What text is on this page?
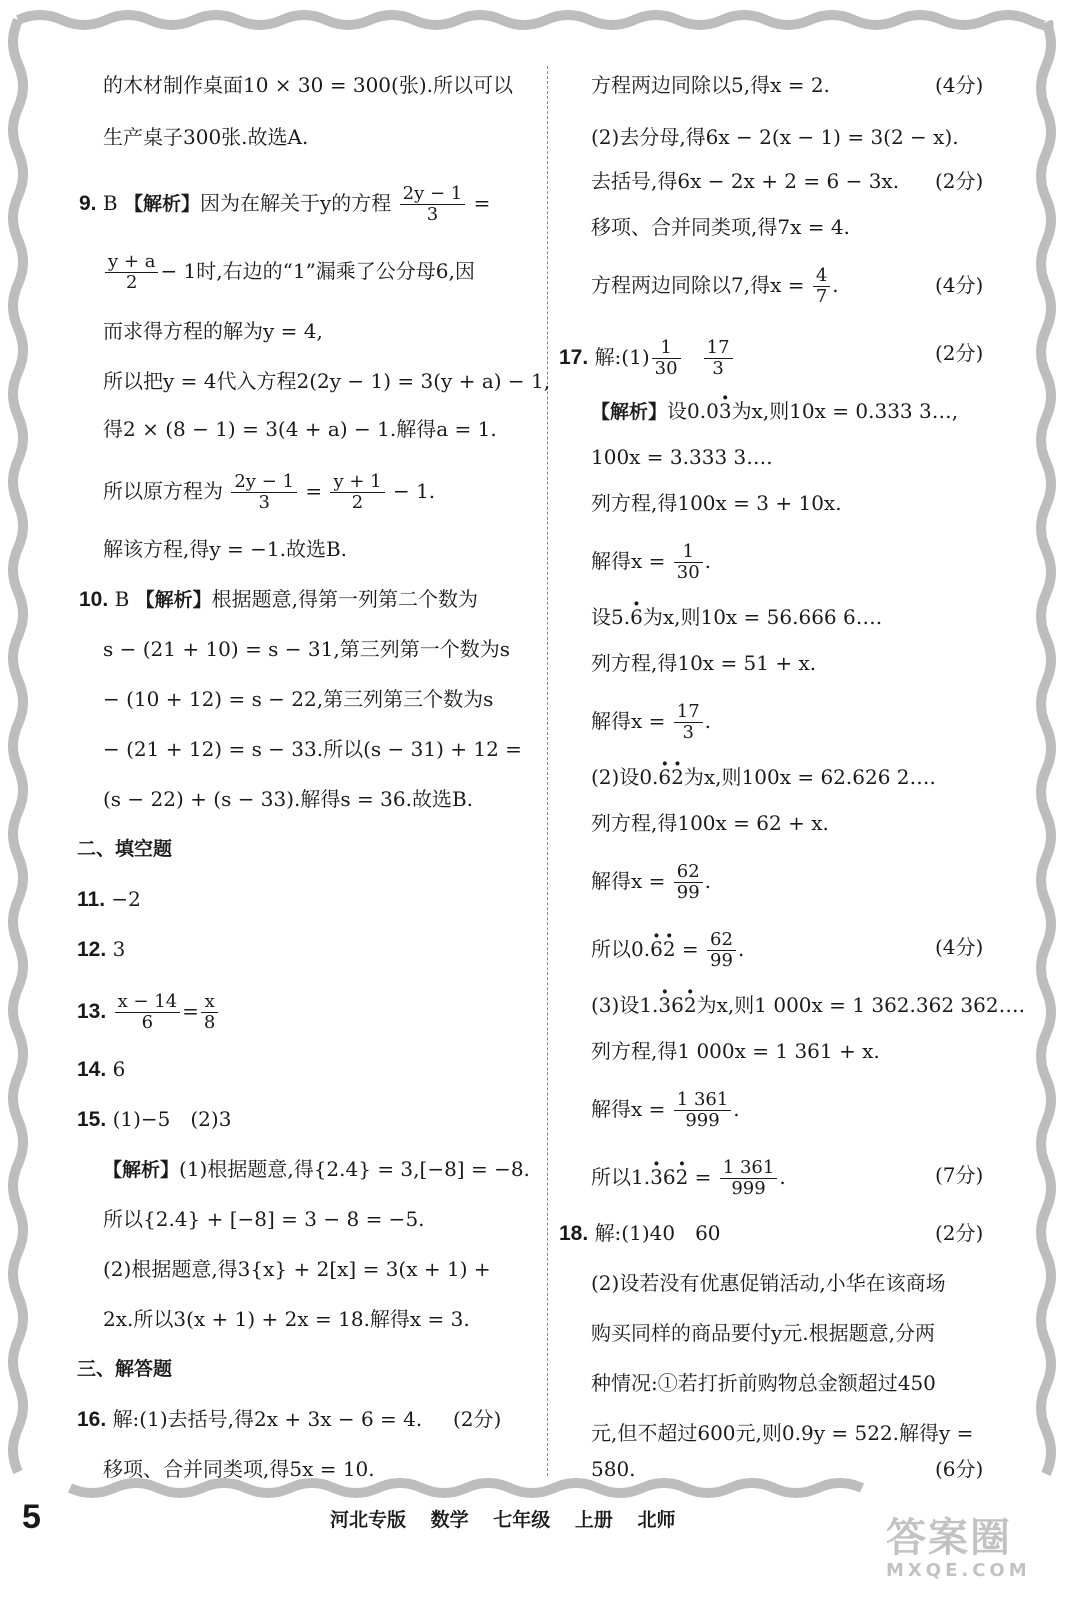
的木材制作桌面10 × 30 = 300(张).所以可以
生产桌子300张.故选A.
9. B 【解析】因为在解关于y的方程 $\frac{2y - 1}{3}$ =
$\frac{y + a}{2} - 1$时,右边的“1”漏乘了公分母6,因
而求得方程的解为y = 4,
所以把y = 4代入方程2(2y − 1) = 3(y + a) − 1,
得2 × (8 − 1) = 3(4 + a) − 1.解得a = 1.
所以原方程为 $\frac{2y - 1}{3} = \frac{y + 1}{2} - 1$.
解该方程,得y = −1.故选B.
10. B 【解析】根据题意,得第一列第二个数为
s − (21 + 10) = s − 31,第三列第一个数为s
− (10 + 12) = s − 22,第三列第三个数为s
− (21 + 12) = s − 33.所以(s − 31) + 12 =
(s − 22) + (s − 33).解得s = 36.故选B.
二、填空题
11. −2
12. 3
13. $\frac{x - 14}{6} = \frac{x}{8}$
14. 6
15. (1)−5　(2)3
【解析】(1)根据题意,得{2.4} = 3,[−8] = −8.
所以{2.4} + [−8] = 3 − 8 = −5.
(2)根据题意,得3{x} + 2[x] = 3(x + 1) +
2x.所以3(x + 1) + 2x = 18.解得x = 3.
三、解答题
16. 解:(1)去括号,得2x + 3x − 6 = 4. (2分)
移项、合并同类项,得5x = 10.
方程两边同除以5,得x = 2.	(4分)
(2)去分母,得6x − 2(x − 1) = 3(2 − x).
去括号,得6x − 2x + 2 = 6 − 3x. (2分)
移项、合并同类项,得7x = 4.
方程两边同除以7,得$x = \frac{4}{7}$ .	(4分)
17. 解:(1) $\frac{1}{30}$
$\frac{17}{3}$	(2分)
【解析】设0.0· 3为x,则10x = 0.333 3…,
100x = 3.333 3….
列方程,得100x = 3 + 10x.
解得$x = \frac{1}{30}$ .
设5.· 6为x,则10x = 56.666 6….
列方程,得10x = 51 + x.
解得$x = \frac{17}{3}$ .
(2)设0.· 6· 2为x,则100x = 62.626 2….
列方程,得100x = 62 + x.
解得$x = \frac{62}{99}$ .
所以$0.\cdot 6\cdot 2 = \frac{62}{99}$ .	(4分)
(3)设1.· 36· 2为x,则1 000x = 1 362.362 362….
列方程,得1 000x = 1 361 + x.
解得$x = \frac{1 361}{999}$ .
所以$1.\cdot 36\cdot 2 = \frac{1 361}{999}$ .	(7分)
18. 解:(1)40　60	(2分)
(2)设若没有优惠促销活动,小华在该商场
购买同样的商品要付y元.根据题意,分两
种情况:①若打折前购物总金额超过450
元,但不超过600元,则0.9y = 522.解得y =
580.	(6分)
5	河北专版 数学 七年级 上册 北师	答案圈
MXQE.COM
